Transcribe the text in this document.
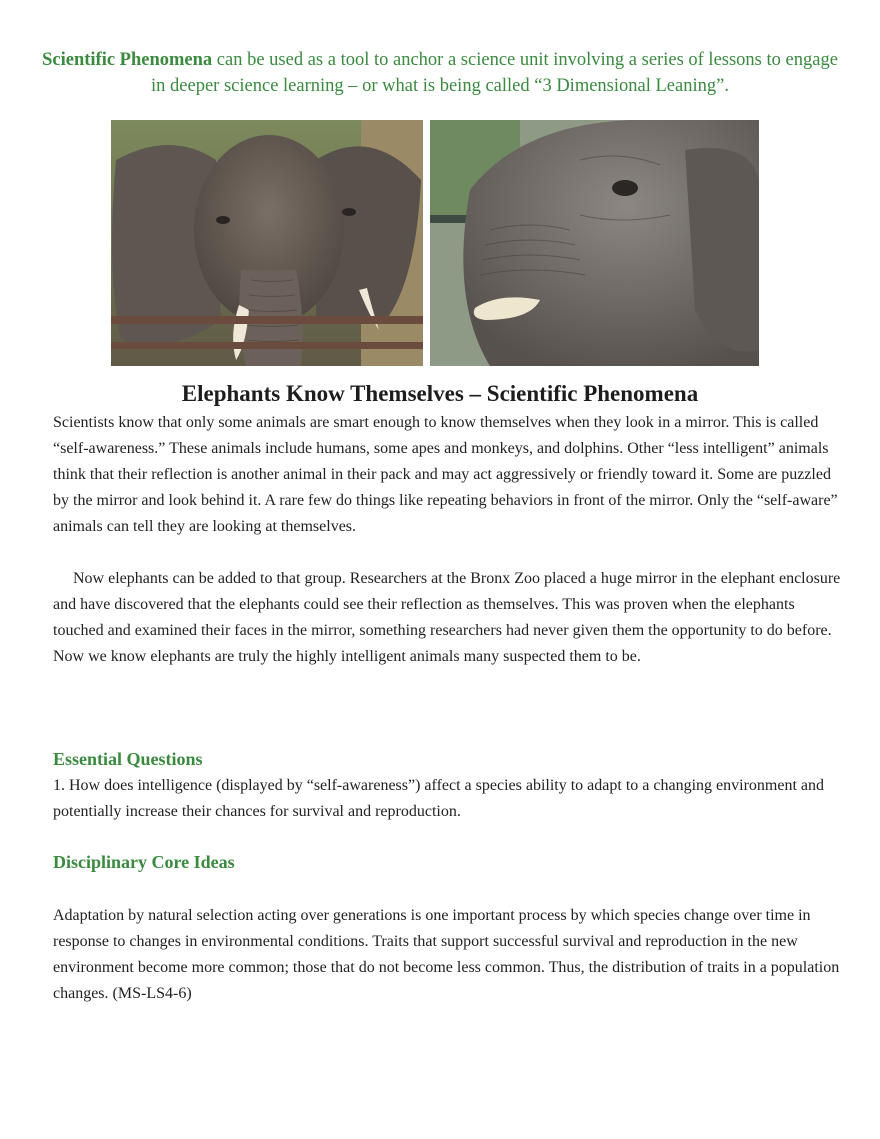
Scientific Phenomena can be used as a tool to anchor a science unit involving a series of lessons to engage in deeper science learning – or what is being called “3 Dimensional Leaning”.
Elephants Know Themselves – Scientific Phenomena

Scientists know that only some animals are smart enough to know themselves when they look in a mirror. This is called “self-awareness.” These animals include humans, some apes and monkeys, and dolphins. Other “less intelligent” animals think that their reflection is another animal in their pack and may act aggressively or friendly toward it. Some are puzzled by the mirror and look behind it. A rare few do things like repeating behaviors in front of the mirror. Only the “self-aware” animals can tell they are looking at themselves.

Now elephants can be added to that group. Researchers at the Bronx Zoo placed a huge mirror in the elephant enclosure and have discovered that the elephants could see their reflection as themselves. This was proven when the elephants touched and examined their faces in the mirror, something researchers had never given them the opportunity to do before. Now we know elephants are truly the highly intelligent animals many suspected them to be.

Essential Questions

1. How does intelligence (displayed by “self-awareness”) affect a species ability to adapt to a changing environment and potentially increase their chances for survival and reproduction.

Disciplinary Core Ideas

Adaptation by natural selection acting over generations is one important process by which species change over time in response to changes in environmental conditions. Traits that support successful survival and reproduction in the new environment become more common; those that do not become less common. Thus, the distribution of traits in a population changes. (MS-LS4-6)
